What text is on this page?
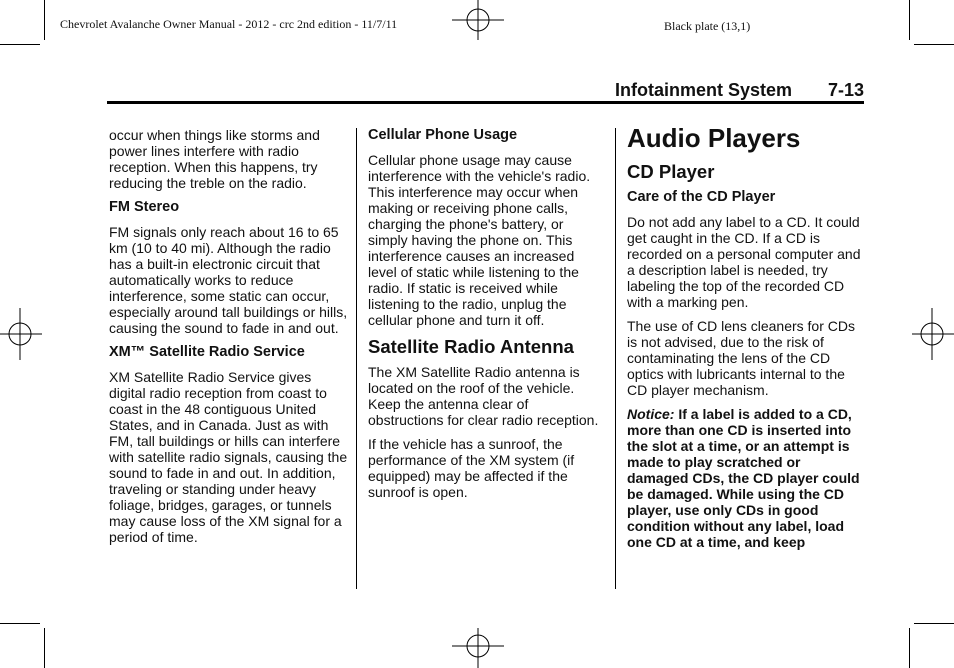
Chevrolet Avalanche Owner Manual - 2012 - crc 2nd edition - 11/7/11	Black plate (13,1)
Infotainment System 7-13

occur when things like storms and power lines interfere with radio reception. When this happens, try reducing the treble on the radio.

FM Stereo

FM signals only reach about 16 to 65 km (10 to 40 mi). Although the radio has a built-in electronic circuit that automatically works to reduce interference, some static can occur, especially around tall buildings or hills, causing the sound to fade in and out.

XM™ Satellite Radio Service

XM Satellite Radio Service gives digital radio reception from coast to coast in the 48 contiguous United States, and in Canada. Just as with FM, tall buildings or hills can interfere with satellite radio signals, causing the sound to fade in and out. In addition, traveling or standing under heavy foliage, bridges, garages, or tunnels may cause loss of the XM signal for a period of time.

Cellular Phone Usage

Cellular phone usage may cause interference with the vehicle's radio. This interference may occur when making or receiving phone calls, charging the phone's battery, or simply having the phone on. This interference causes an increased level of static while listening to the radio. If static is received while listening to the radio, unplug the cellular phone and turn it off.

Satellite Radio Antenna

The XM Satellite Radio antenna is located on the roof of the vehicle. Keep the antenna clear of obstructions for clear radio reception.

If the vehicle has a sunroof, the performance of the XM system (if equipped) may be affected if the sunroof is open.

Audio Players
CD Player
Care of the CD Player

Do not add any label to a CD. It could get caught in the CD. If a CD is recorded on a personal computer and a description label is needed, try labeling the top of the recorded CD with a marking pen.

The use of CD lens cleaners for CDs is not advised, due to the risk of contaminating the lens of the CD optics with lubricants internal to the CD player mechanism.

Notice: If a label is added to a CD, more than one CD is inserted into the slot at a time, or an attempt is made to play scratched or damaged CDs, the CD player could be damaged. While using the CD player, use only CDs in good condition without any label, load one CD at a time, and keep
